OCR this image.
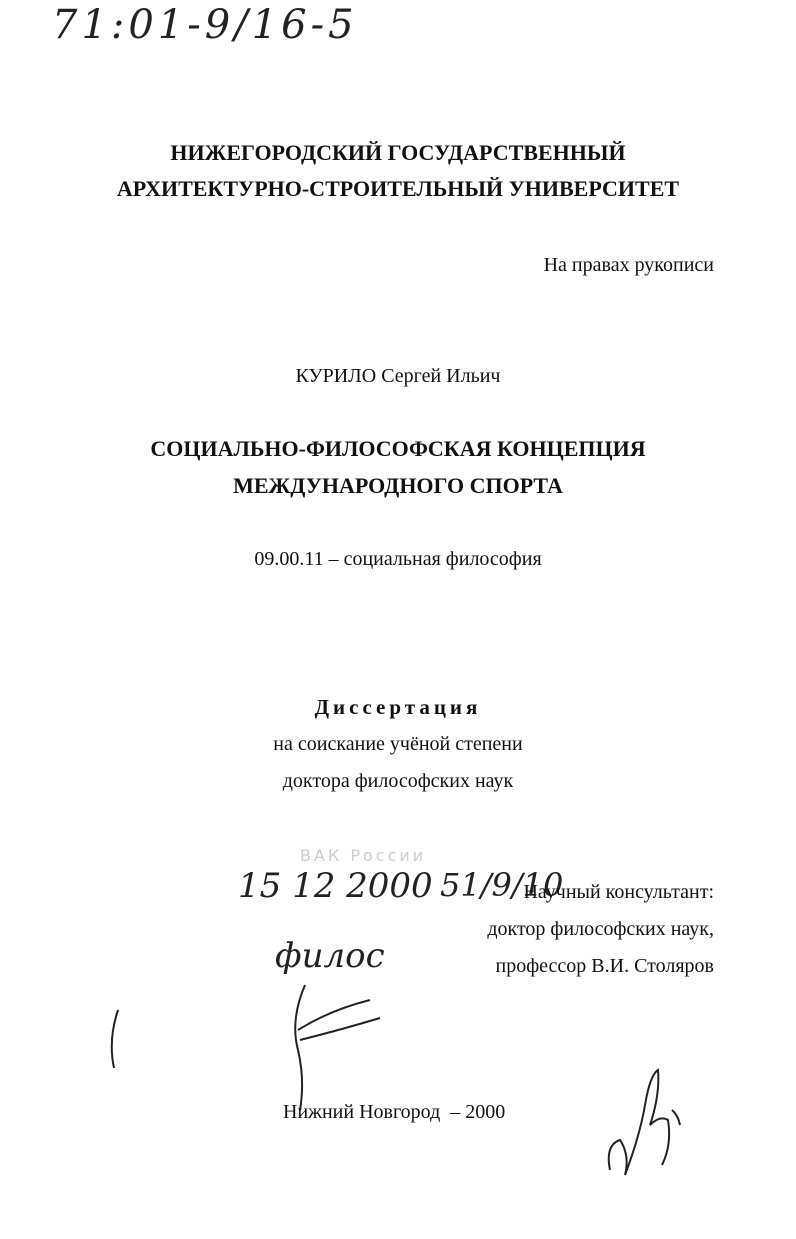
71:01-9/16-5
НИЖЕГОРОДСКИЙ ГОСУДАРСТВЕННЫЙ
АРХИТЕКТУРНО-СТРОИТЕЛЬНЫЙ УНИВЕРСИТЕТ
На правах рукописи
КУРИЛО Сергей Ильич
СОЦИАЛЬНО-ФИЛОСОФСКАЯ КОНЦЕПЦИЯ
МЕЖДУНАРОДНОГО СПОРТА
09.00.11 – социальная философия
Диссертация
на соискание учёной степени
доктора философских наук
ВАК России
15 12 2000 51/9/10
филос
Научный консультант:
доктор философских наук,
профессор В.И. Столяров
Нижний Новгород  – 2000
